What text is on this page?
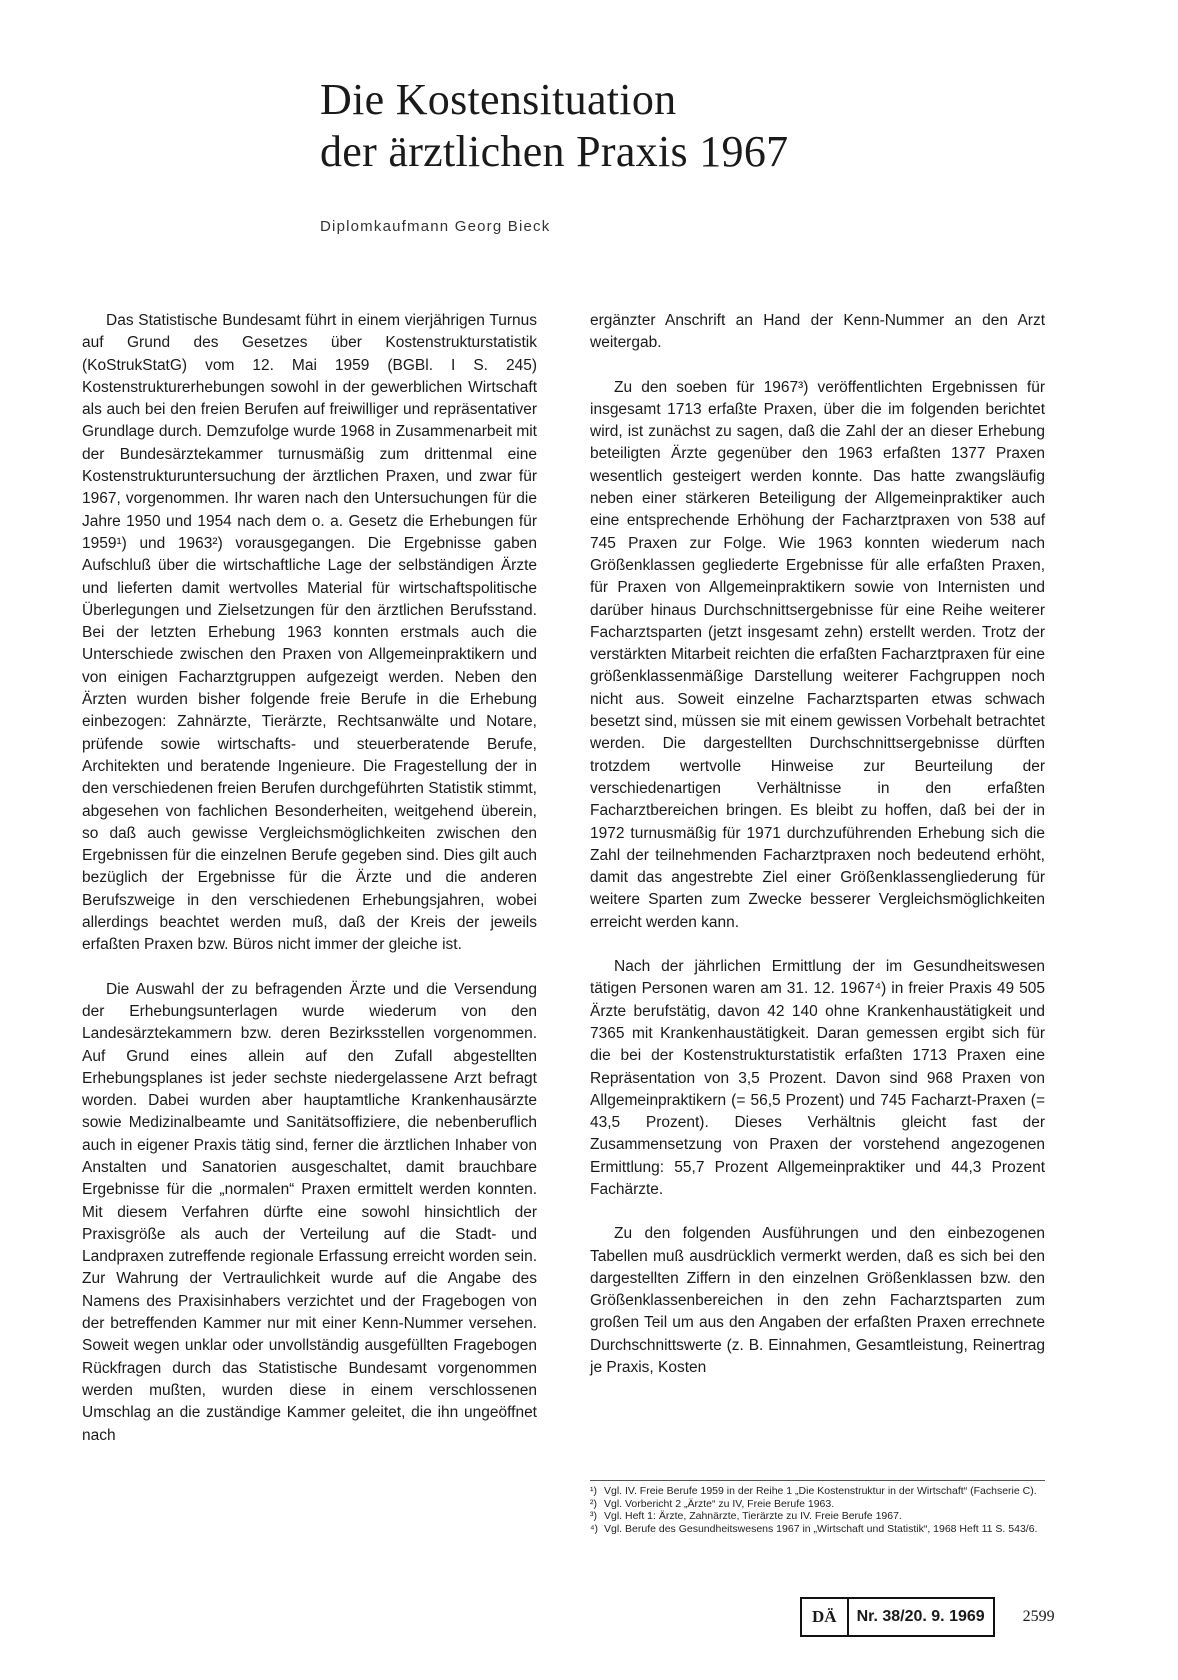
Die Kostensituation
der ärztlichen Praxis 1967
Diplomkaufmann Georg Bieck

Das Statistische Bundesamt führt in einem vierjährigen Turnus auf Grund des Gesetzes über Kostenstrukturstatistik (KoStrukStatG) vom 12. Mai 1959 (BGBl. I S. 245) Kostenstrukturerhebungen sowohl in der gewerblichen Wirtschaft als auch bei den freien Berufen auf freiwilliger und repräsentativer Grundlage durch. Demzufolge wurde 1968 in Zusammenarbeit mit der Bundesärztekammer turnusmäßig zum drittenmal eine Kostenstrukturuntersuchung der ärztlichen Praxen, und zwar für 1967, vorgenommen. Ihr waren nach den Untersuchungen für die Jahre 1950 und 1954 nach dem o. a. Gesetz die Erhebungen für 1959¹) und 1963²) vorausgegangen. Die Ergebnisse gaben Aufschluß über die wirtschaftliche Lage der selbständigen Ärzte und lieferten damit wertvolles Material für wirtschaftspolitische Überlegungen und Zielsetzungen für den ärztlichen Berufsstand. Bei der letzten Erhebung 1963 konnten erstmals auch die Unterschiede zwischen den Praxen von Allgemeinpraktikern und von einigen Facharztgruppen aufgezeigt werden. Neben den Ärzten wurden bisher folgende freie Berufe in die Erhebung einbezogen: Zahnärzte, Tierärzte, Rechtsanwälte und Notare, prüfende sowie wirtschafts- und steuerberatende Berufe, Architekten und beratende Ingenieure. Die Fragestellung der in den verschiedenen freien Berufen durchgeführten Statistik stimmt, abgesehen von fachlichen Besonderheiten, weitgehend überein, so daß auch gewisse Vergleichsmöglichkeiten zwischen den Ergebnissen für die einzelnen Berufe gegeben sind. Dies gilt auch bezüglich der Ergebnisse für die Ärzte und die anderen Berufszweige in den verschiedenen Erhebungsjahren, wobei allerdings beachtet werden muß, daß der Kreis der jeweils erfaßten Praxen bzw. Büros nicht immer der gleiche ist.

Die Auswahl der zu befragenden Ärzte und die Versendung der Erhebungsunterlagen wurde wiederum von den Landesärztekammern bzw. deren Bezirksstellen vorgenommen. Auf Grund eines allein auf den Zufall abgestellten Erhebungsplanes ist jeder sechste niedergelassene Arzt befragt worden. Dabei wurden aber hauptamtliche Krankenhausärzte sowie Medizinalbeamte und Sanitätsoffiziere, die nebenberuflich auch in eigener Praxis tätig sind, ferner die ärztlichen Inhaber von Anstalten und Sanatorien ausgeschaltet, damit brauchbare Ergebnisse für die „normalen“ Praxen ermittelt werden konnten. Mit diesem Verfahren dürfte eine sowohl hinsichtlich der Praxisgröße als auch der Verteilung auf die Stadt- und Landpraxen zutreffende regionale Erfassung erreicht worden sein. Zur Wahrung der Vertraulichkeit wurde auf die Angabe des Namens des Praxisinhabers verzichtet und der Fragebogen von der betreffenden Kammer nur mit einer Kenn-Nummer versehen. Soweit wegen unklar oder unvollständig ausgefüllten Fragebogen Rückfragen durch das Statistische Bundesamt vorgenommen werden mußten, wurden diese in einem verschlossenen Umschlag an die zuständige Kammer geleitet, die ihn ungeöffnet nach

ergänzter Anschrift an Hand der Kenn-Nummer an den Arzt weitergab.

Zu den soeben für 1967³) veröffentlichten Ergebnissen für insgesamt 1713 erfaßte Praxen, über die im folgenden berichtet wird, ist zunächst zu sagen, daß die Zahl der an dieser Erhebung beteiligten Ärzte gegenüber den 1963 erfaßten 1377 Praxen wesentlich gesteigert werden konnte. Das hatte zwangsläufig neben einer stärkeren Beteiligung der Allgemeinpraktiker auch eine entsprechende Erhöhung der Facharztpraxen von 538 auf 745 Praxen zur Folge. Wie 1963 konnten wiederum nach Größenklassen gegliederte Ergebnisse für alle erfaßten Praxen, für Praxen von Allgemeinpraktikern sowie von Internisten und darüber hinaus Durchschnittsergebnisse für eine Reihe weiterer Facharztsparten (jetzt insgesamt zehn) erstellt werden. Trotz der verstärkten Mitarbeit reichten die erfaßten Facharztpraxen für eine größenklassenmäßige Darstellung weiterer Fachgruppen noch nicht aus. Soweit einzelne Facharztsparten etwas schwach besetzt sind, müssen sie mit einem gewissen Vorbehalt betrachtet werden. Die dargestellten Durchschnittsergebnisse dürften trotzdem wertvolle Hinweise zur Beurteilung der verschiedenartigen Verhältnisse in den erfaßten Facharztbereichen bringen. Es bleibt zu hoffen, daß bei der in 1972 turnusmäßig für 1971 durchzuführenden Erhebung sich die Zahl der teilnehmenden Facharztpraxen noch bedeutend erhöht, damit das angestrebte Ziel einer Größenklassengliederung für weitere Sparten zum Zwecke besserer Vergleichsmöglichkeiten erreicht werden kann.

Nach der jährlichen Ermittlung der im Gesundheitswesen tätigen Personen waren am 31. 12. 1967⁴) in freier Praxis 49 505 Ärzte berufstätig, davon 42 140 ohne Krankenhaustätigkeit und 7365 mit Krankenhaustätigkeit. Daran gemessen ergibt sich für die bei der Kostenstrukturstatistik erfaßten 1713 Praxen eine Repräsentation von 3,5 Prozent. Davon sind 968 Praxen von Allgemeinpraktikern (= 56,5 Prozent) und 745 Facharzt-Praxen (= 43,5 Prozent). Dieses Verhältnis gleicht fast der Zusammensetzung von Praxen der vorstehend angezogenen Ermittlung: 55,7 Prozent Allgemeinpraktiker und 44,3 Prozent Fachärzte.

Zu den folgenden Ausführungen und den einbezogenen Tabellen muß ausdrücklich vermerkt werden, daß es sich bei den dargestellten Ziffern in den einzelnen Größenklassen bzw. den Größenklassenbereichen in den zehn Facharztsparten zum großen Teil um aus den Angaben der erfaßten Praxen errechnete Durchschnittswerte (z. B. Einnahmen, Gesamtleistung, Reinertrag je Praxis, Kosten

¹) Vgl. IV. Freie Berufe 1959 in der Reihe 1 „Die Kostenstruktur in der Wirtschaft“ (Fachserie C).
²) Vgl. Vorbericht 2 „Ärzte“ zu IV, Freie Berufe 1963.
³) Vgl. Heft 1: Ärzte, Zahnärzte, Tierärzte zu IV. Freie Berufe 1967.
⁴) Vgl. Berufe des Gesundheitswesens 1967 in „Wirtschaft und Statistik“, 1968 Heft 11 S. 543/6.
DÄ	Nr. 38/20. 9. 1969	2599
